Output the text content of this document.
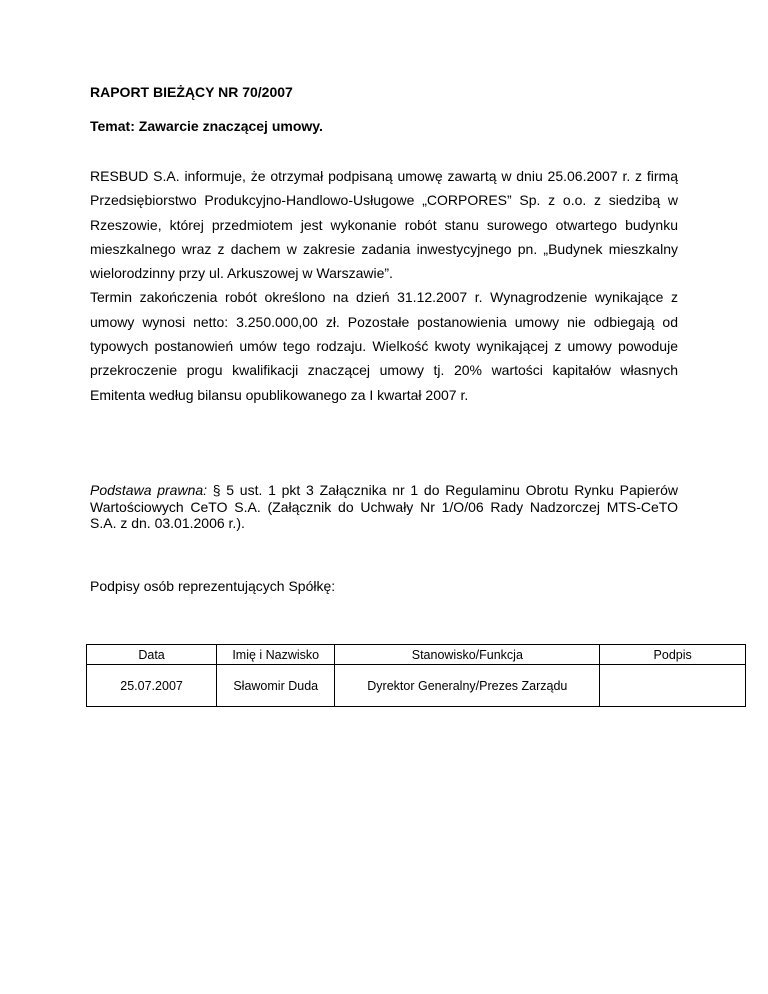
RAPORT BIEŻĄCY NR 70/2007
Temat: Zawarcie znaczącej umowy.

RESBUD S.A. informuje, że otrzymał podpisaną umowę zawartą w dniu 25.06.2007 r. z firmą Przedsiębiorstwo Produkcyjno-Handlowo-Usługowe „CORPORES” Sp. z o.o. z siedzibą w Rzeszowie, której przedmiotem jest wykonanie robót stanu surowego otwartego budynku mieszkalnego wraz z dachem w zakresie zadania inwestycyjnego pn. „Budynek mieszkalny wielorodzinny przy ul. Arkuszowej w Warszawie”.

Termin zakończenia robót określono na dzień 31.12.2007 r. Wynagrodzenie wynikające z umowy wynosi netto: 3.250.000,00 zł. Pozostałe postanowienia umowy nie odbiegają od typowych postanowień umów tego rodzaju. Wielkość kwoty wynikającej z umowy powoduje przekroczenie progu kwalifikacji znaczącej umowy tj. 20% wartości kapitałów własnych Emitenta według bilansu opublikowanego za I kwartał 2007 r.

Podstawa prawna: § 5 ust. 1 pkt 3 Załącznika nr 1 do Regulaminu Obrotu Rynku Papierów Wartościowych CeTO S.A. (Załącznik do Uchwały Nr 1/O/06 Rady Nadzorczej MTS-CeTO S.A. z dn. 03.01.2006 r.).
Podpisy osób reprezentujących Spółkę:
Data	Imię i Nazwisko	Stanowisko/Funkcja	Podpis
25.07.2007	Sławomir Duda	Dyrektor Generalny/Prezes Zarządu	
